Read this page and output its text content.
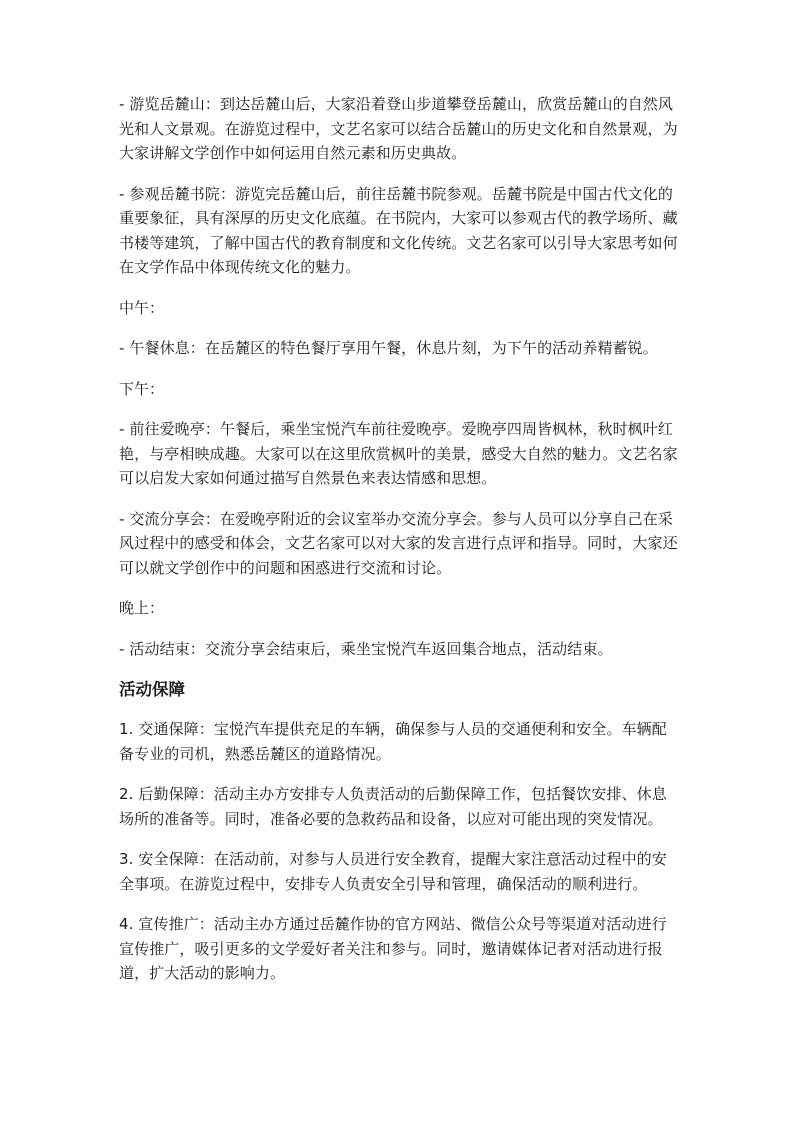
- 游览岳麓山：到达岳麓山后，大家沿着登山步道攀登岳麓山，欣赏岳麓山的自然风光和人文景观。在游览过程中，文艺名家可以结合岳麓山的历史文化和自然景观，为大家讲解文学创作中如何运用自然元素和历史典故。

- 参观岳麓书院：游览完岳麓山后，前往岳麓书院参观。岳麓书院是中国古代文化的重要象征，具有深厚的历史文化底蕴。在书院内，大家可以参观古代的教学场所、藏书楼等建筑，了解中国古代的教育制度和文化传统。文艺名家可以引导大家思考如何在文学作品中体现传统文化的魅力。

中午：

- 午餐休息：在岳麓区的特色餐厅享用午餐，休息片刻，为下午的活动养精蓄锐。

下午：

- 前往爱晚亭：午餐后，乘坐宝悦汽车前往爱晚亭。爱晚亭四周皆枫林，秋时枫叶红艳，与亭相映成趣。大家可以在这里欣赏枫叶的美景，感受大自然的魅力。文艺名家可以启发大家如何通过描写自然景色来表达情感和思想。

- 交流分享会：在爱晚亭附近的会议室举办交流分享会。参与人员可以分享自己在采风过程中的感受和体会，文艺名家可以对大家的发言进行点评和指导。同时，大家还可以就文学创作中的问题和困惑进行交流和讨论。

晚上：

- 活动结束：交流分享会结束后，乘坐宝悦汽车返回集合地点，活动结束。

活动保障

1. 交通保障：宝悦汽车提供充足的车辆，确保参与人员的交通便利和安全。车辆配备专业的司机，熟悉岳麓区的道路情况。

2. 后勤保障：活动主办方安排专人负责活动的后勤保障工作，包括餐饮安排、休息场所的准备等。同时，准备必要的急救药品和设备，以应对可能出现的突发情况。

3. 安全保障：在活动前，对参与人员进行安全教育，提醒大家注意活动过程中的安全事项。在游览过程中，安排专人负责安全引导和管理，确保活动的顺利进行。

4. 宣传推广：活动主办方通过岳麓作协的官方网站、微信公众号等渠道对活动进行宣传推广，吸引更多的文学爱好者关注和参与。同时，邀请媒体记者对活动进行报道，扩大活动的影响力。
